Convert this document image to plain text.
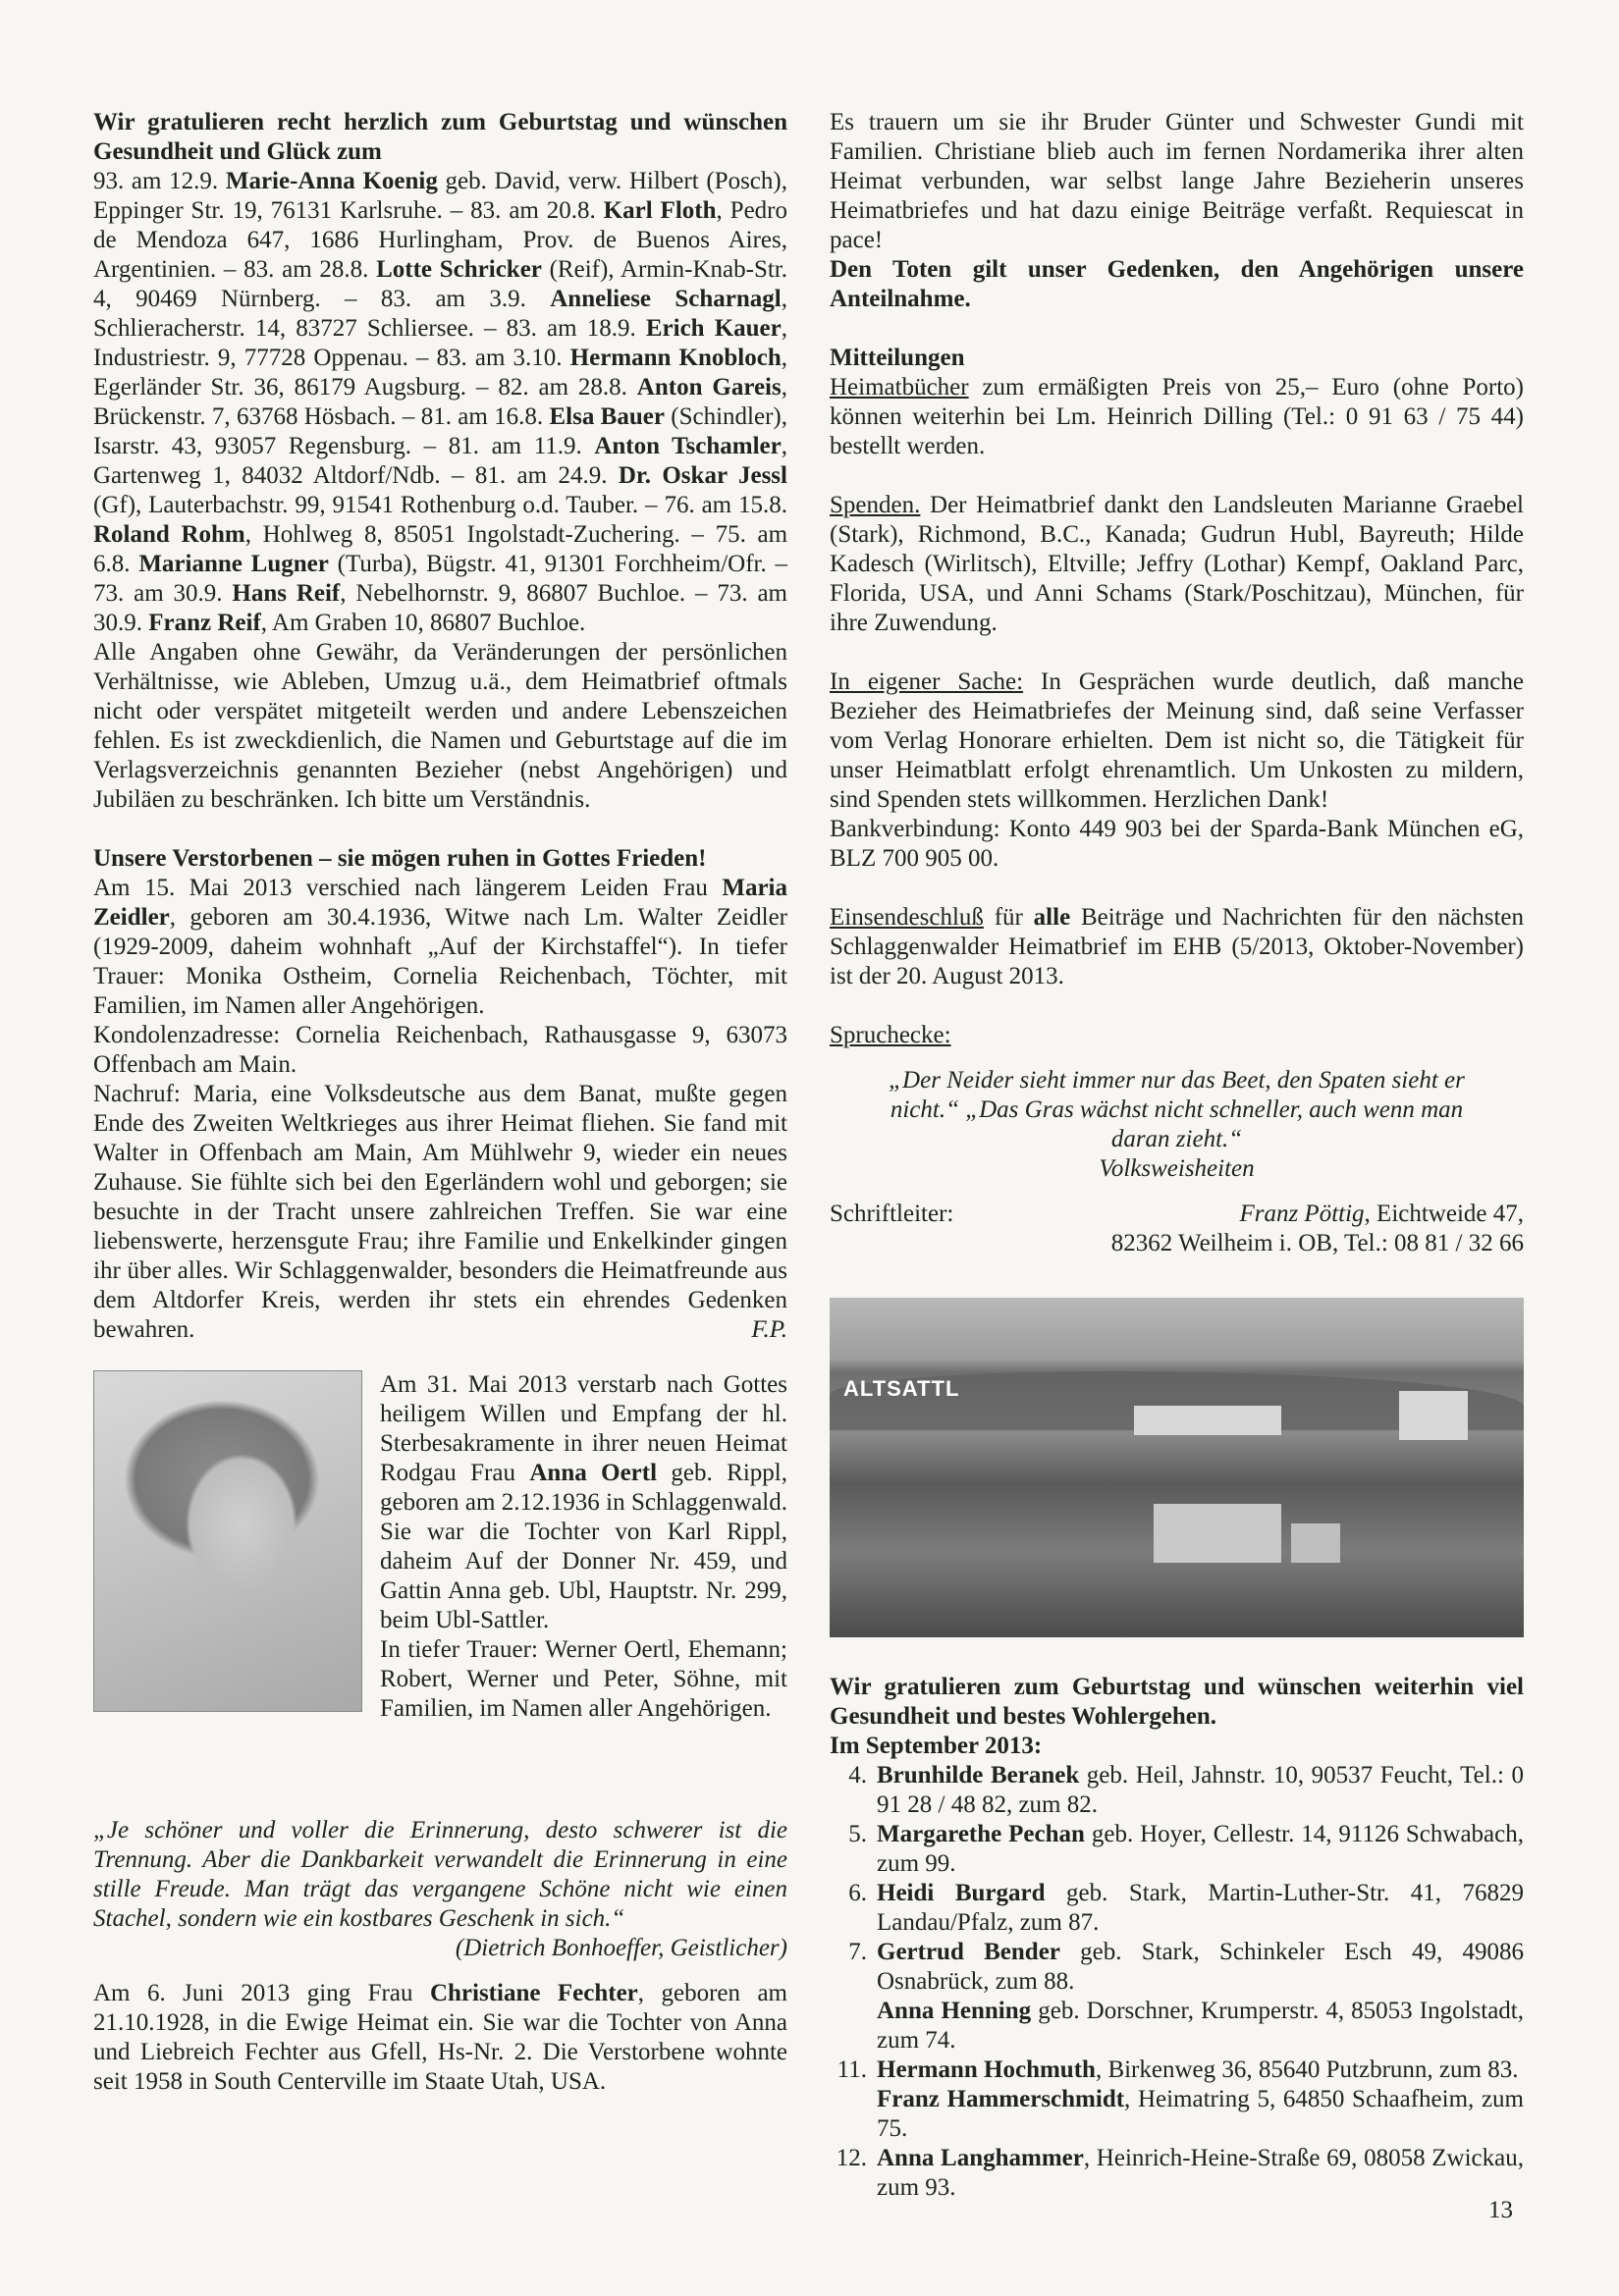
Wir gratulieren recht herzlich zum Geburtstag und wünschen Gesundheit und Glück zum

93. am 12.9. Marie-Anna Koenig geb. David, verw. Hilbert (Posch), Eppinger Str. 19, 76131 Karlsruhe. – 83. am 20.8. Karl Floth, Pedro de Mendoza 647, 1686 Hurlingham, Prov. de Buenos Aires, Argentinien. – 83. am 28.8. Lotte Schricker (Reif), Armin-Knab-Str. 4, 90469 Nürnberg. – 83. am 3.9. Anneliese Scharnagl, Schlieracherstr. 14, 83727 Schliersee. – 83. am 18.9. Erich Kauer, Industriestr. 9, 77728 Oppenau. – 83. am 3.10. Hermann Knobloch, Egerländer Str. 36, 86179 Augsburg. – 82. am 28.8. Anton Gareis, Brückenstr. 7, 63768 Hösbach. – 81. am 16.8. Elsa Bauer (Schindler), Isarstr. 43, 93057 Regensburg. – 81. am 11.9. Anton Tschamler, Gartenweg 1, 84032 Altdorf/Ndb. – 81. am 24.9. Dr. Oskar Jessl (Gf), Lauterbachstr. 99, 91541 Rothenburg o.d. Tauber. – 76. am 15.8. Roland Rohm, Hohlweg 8, 85051 Ingolstadt-Zuchering. – 75. am 6.8. Marianne Lugner (Turba), Bügstr. 41, 91301 Forchheim/Ofr. – 73. am 30.9. Hans Reif, Nebelhornstr. 9, 86807 Buchloe. – 73. am 30.9. Franz Reif, Am Graben 10, 86807 Buchloe.

Alle Angaben ohne Gewähr, da Veränderungen der persönlichen Verhältnisse, wie Ableben, Umzug u.ä., dem Heimatbrief oftmals nicht oder verspätet mitgeteilt werden und andere Lebenszeichen fehlen. Es ist zweckdienlich, die Namen und Geburtstage auf die im Verlagsverzeichnis genannten Bezieher (nebst Angehörigen) und Jubiläen zu beschränken. Ich bitte um Verständnis.

Unsere Verstorbenen – sie mögen ruhen in Gottes Frieden!

Am 15. Mai 2013 verschied nach längerem Leiden Frau Maria Zeidler, geboren am 30.4.1936, Witwe nach Lm. Walter Zeidler (1929-2009, daheim wohnhaft „Auf der Kirchstaffel“). In tiefer Trauer: Monika Ostheim, Cornelia Reichenbach, Töchter, mit Familien, im Namen aller Angehörigen.

Kondolenzadresse: Cornelia Reichenbach, Rathausgasse 9, 63073 Offenbach am Main.

Nachruf: Maria, eine Volksdeutsche aus dem Banat, mußte gegen Ende des Zweiten Weltkrieges aus ihrer Heimat fliehen. Sie fand mit Walter in Offenbach am Main, Am Mühlwehr 9, wieder ein neues Zuhause. Sie fühlte sich bei den Egerländern wohl und geborgen; sie besuchte in der Tracht unsere zahlreichen Treffen. Sie war eine liebenswerte, herzensgute Frau; ihre Familie und Enkelkinder gingen ihr über alles. Wir Schlaggenwalder, besonders die Heimatfreunde aus dem Altdorfer Kreis, werden ihr stets ein ehrendes Gedenken bewahren.	F.P.

Am 31. Mai 2013 verstarb nach Gottes heiligem Willen und Empfang der hl. Sterbesakramente in ihrer neuen Heimat Rodgau Frau Anna Oertl geb. Rippl, geboren am 2.12.1936 in Schlaggenwald. Sie war die Tochter von Karl Rippl, daheim Auf der Donner Nr. 459, und Gattin Anna geb. Ubl, Hauptstr. Nr. 299, beim Ubl-Sattler.

In tiefer Trauer: Werner Oertl, Ehemann; Robert, Werner und Peter, Söhne, mit Familien, im Namen aller Angehörigen.

„Je schöner und voller die Erinnerung, desto schwerer ist die Trennung. Aber die Dankbarkeit verwandelt die Erinnerung in eine stille Freude. Man trägt das vergangene Schöne nicht wie einen Stachel, sondern wie ein kostbares Geschenk in sich.“

(Dietrich Bonhoeffer, Geistlicher)

Am 6. Juni 2013 ging Frau Christiane Fechter, geboren am 21.10.1928, in die Ewige Heimat ein. Sie war die Tochter von Anna und Liebreich Fechter aus Gfell, Hs-Nr. 2. Die Verstorbene wohnte seit 1958 in South Centerville im Staate Utah, USA.

Es trauern um sie ihr Bruder Günter und Schwester Gundi mit Familien. Christiane blieb auch im fernen Nordamerika ihrer alten Heimat verbunden, war selbst lange Jahre Bezieherin unseres Heimatbriefes und hat dazu einige Beiträge verfaßt. Requiescat in pace!

Den Toten gilt unser Gedenken, den Angehörigen unsere Anteilnahme.

Mitteilungen

Heimatbücher zum ermäßigten Preis von 25,– Euro (ohne Porto) können weiterhin bei Lm. Heinrich Dilling (Tel.: 0 91 63 / 75 44) bestellt werden.

Spenden. Der Heimatbrief dankt den Landsleuten Marianne Graebel (Stark), Richmond, B.C., Kanada; Gudrun Hubl, Bayreuth; Hilde Kadesch (Wirlitsch), Eltville; Jeffry (Lothar) Kempf, Oakland Parc, Florida, USA, und Anni Schams (Stark/Poschitzau), München, für ihre Zuwendung.

In eigener Sache: In Gesprächen wurde deutlich, daß manche Bezieher des Heimatbriefes der Meinung sind, daß seine Verfasser vom Verlag Honorare erhielten. Dem ist nicht so, die Tätigkeit für unser Heimatblatt erfolgt ehrenamtlich. Um Unkosten zu mildern, sind Spenden stets willkommen. Herzlichen Dank!

Bankverbindung: Konto 449 903 bei der Sparda-Bank München eG, BLZ 700 905 00.

Einsendeschluß für alle Beiträge und Nachrichten für den nächsten Schlaggenwalder Heimatbrief im EHB (5/2013, Oktober-November) ist der 20. August 2013.

Spruchecke:

„Der Neider sieht immer nur das Beet, den Spaten sieht er nicht.“ „Das Gras wächst nicht schneller, auch wenn man daran zieht.“

Volksweisheiten

Schriftleiter:	Franz Pöttig, Eichtweide 47,

82362 Weilheim i. OB, Tel.: 08 81 / 32 66

ALTSATTL

Wir gratulieren zum Geburtstag und wünschen weiterhin viel Gesundheit und bestes Wohlergehen.

Im September 2013:

4. Brunhilde Beranek geb. Heil, Jahnstr. 10, 90537 Feucht, Tel.: 0 91 28 / 48 82, zum 82.
5. Margarethe Pechan geb. Hoyer, Cellestr. 14, 91126 Schwabach, zum 99.
6. Heidi Burgard geb. Stark, Martin-Luther-Str. 41, 76829 Landau/Pfalz, zum 87.
7. Gertrud Bender geb. Stark, Schinkeler Esch 49, 49086 Osnabrück, zum 88.

Anna Henning geb. Dorschner, Krumperstr. 4, 85053 Ingolstadt, zum 74.

11. Hermann Hochmuth, Birkenweg 36, 85640 Putzbrunn, zum 83.

Franz Hammerschmidt, Heimatring 5, 64850 Schaafheim, zum 75.

12. Anna Langhammer, Heinrich-Heine-Straße 69, 08058 Zwickau, zum 93.
13
